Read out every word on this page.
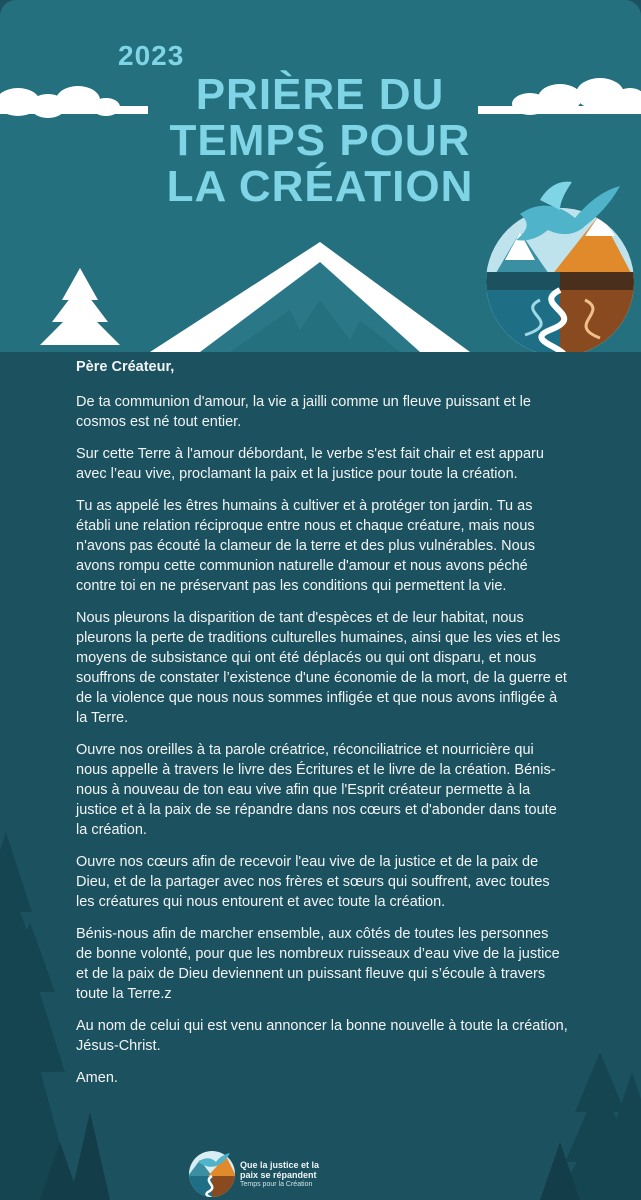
2023
PRIÈRE DU
TEMPS POUR
LA CRÉATION

Père Créateur,

De ta communion d'amour, la vie a jailli comme un fleuve puissant et le cosmos est né tout entier.

Sur cette Terre à l'amour débordant, le verbe s'est fait chair et est apparu avec l’eau vive, proclamant la paix et la justice pour toute la création.

Tu as appelé les êtres humains à cultiver et à protéger ton jardin. Tu as établi une relation réciproque entre nous et chaque créature, mais nous n'avons pas écouté la clameur de la terre et des plus vulnérables. Nous avons rompu cette communion naturelle d'amour et nous avons péché contre toi en ne préservant pas les conditions qui permettent la vie.

Nous pleurons la disparition de tant d'espèces et de leur habitat, nous pleurons la perte de traditions culturelles humaines, ainsi que les vies et les moyens de subsistance qui ont été déplacés ou qui ont disparu, et nous souffrons de constater l’existence d'une économie de la mort, de la guerre et de la violence que nous nous sommes infligée et que nous avons infligée à la Terre.

Ouvre nos oreilles à ta parole créatrice, réconciliatrice et nourricière qui nous appelle à travers le livre des Écritures et le livre de la création. Bénis-nous à nouveau de ton eau vive afin que l'Esprit créateur permette à la justice et à la paix de se répandre dans nos cœurs et d'abonder dans toute la création.

Ouvre nos cœurs afin de recevoir l'eau vive de la justice et de la paix de Dieu, et de la partager avec nos frères et sœurs qui souffrent, avec toutes les créatures qui nous entourent et avec toute la création.

Bénis-nous afin de marcher ensemble, aux côtés de toutes les personnes de bonne volonté, pour que les nombreux ruisseaux d’eau vive de la justice et de la paix de Dieu deviennent un puissant fleuve qui s’écoule à travers toute la Terre.z

Au nom de celui qui est venu annoncer la bonne nouvelle à toute la création, Jésus-Christ.

Amen.

Que la justice et la
paix se répandent
Temps pour la Création
